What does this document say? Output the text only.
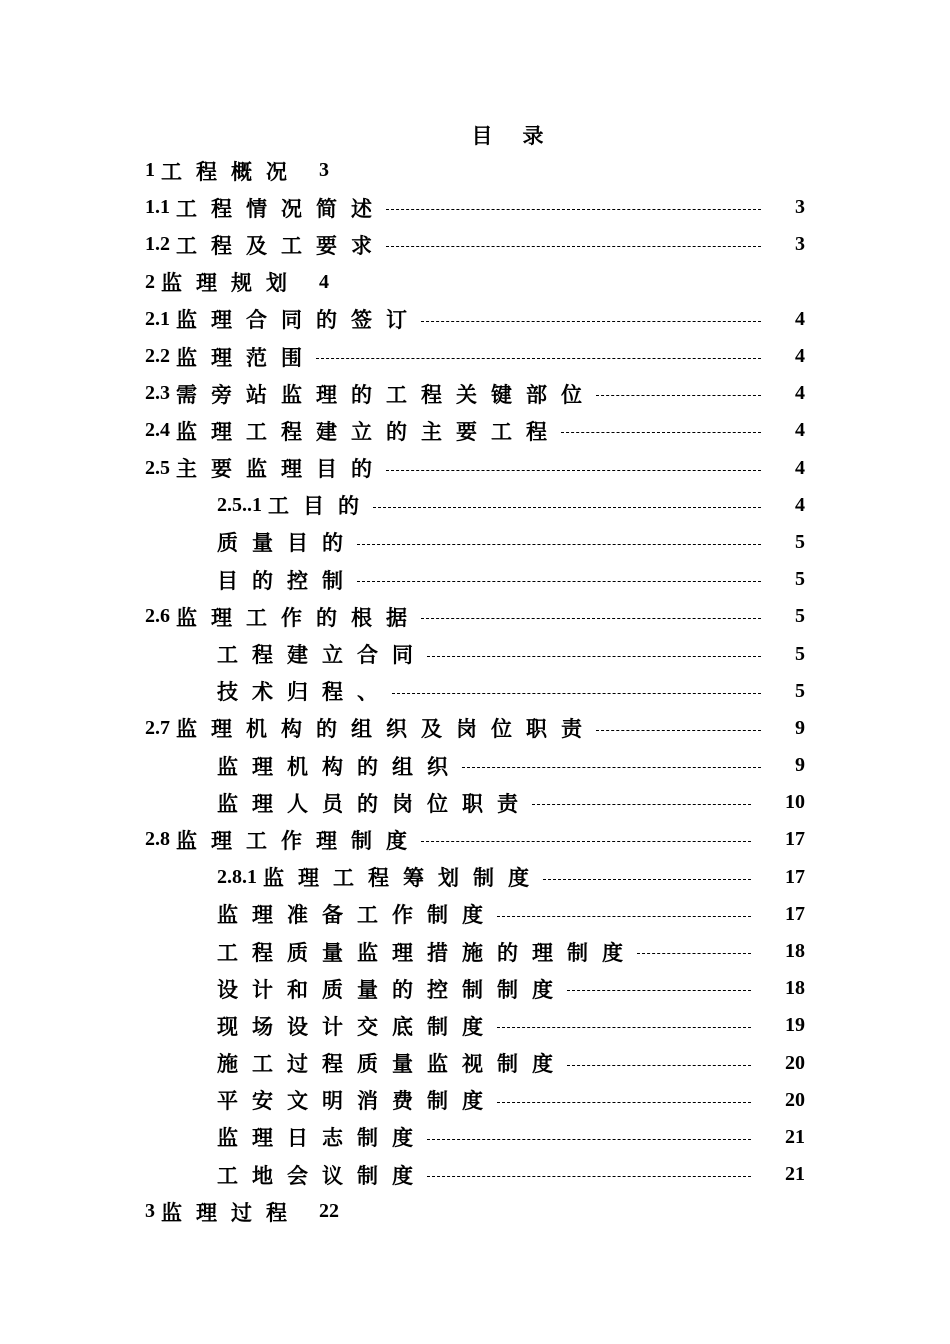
目录
1 工程概况 3
1.1 工程情况简述	3
1.2 工程及工要求	3
2 监理规划 4
2.1 监理合同的签订	4
2.2 监理范围	4
2.3 需旁站监理的工程关键部位	4
2.4 监理工程建立的主要工程	4
2.5 主要监理目的	4
2.5..1 工目的	4
质量目的	5
目的控制	5
2.6 监理工作的根据	5
工程建立合同	5
技术归程、	5
2.7 监理机构的组织及岗位职责	9
监理机构的组织	9
监理人员的岗位职责	10
2.8 监理工作理制度	17
2.8.1 监理工程筹划制度	17
监理准备工作制度	17
工程质量监理措施的理制度	18
设计和质量的控制制度	18
现场设计交底制度	19
施工过程质量监视制度	20
平安文明消费制度	20
监理日志制度	21
工地会议制度	21
3 监理过程 22
